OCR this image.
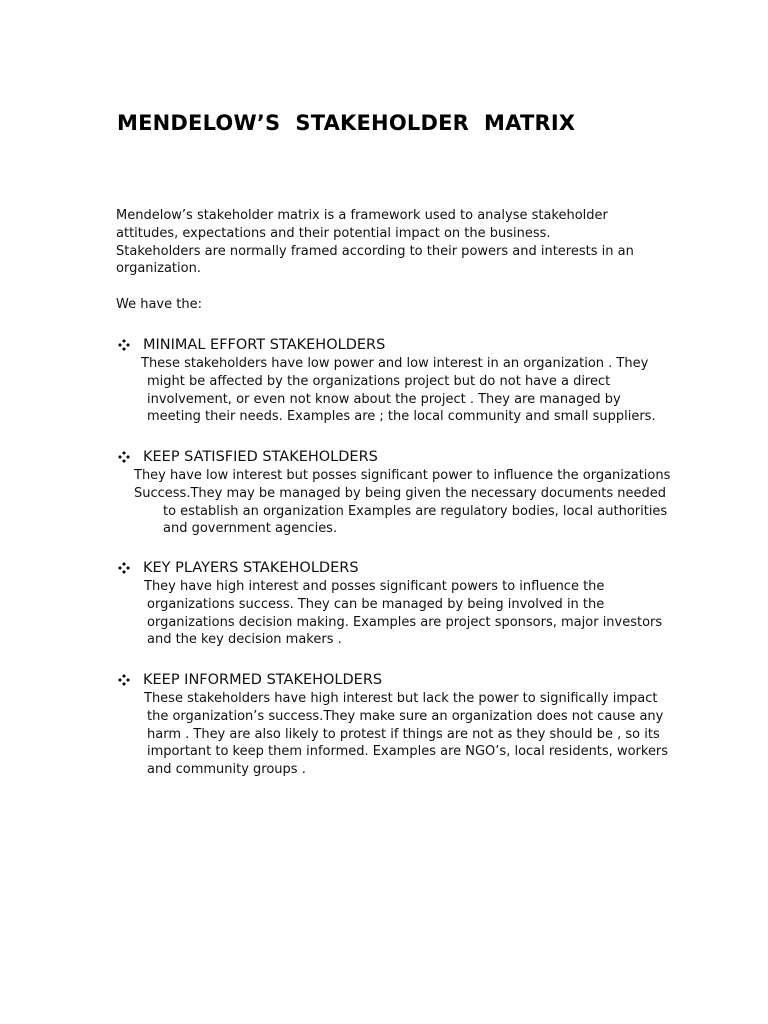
MENDELOW’S  STAKEHOLDER  MATRIX

Mendelow’s stakeholder matrix is a framework used to analyse stakeholder

attitudes, expectations and their potential impact on the business.

Stakeholders are normally framed according to their powers and interests in an

organization.

We have the:

MINIMAL EFFORT STAKEHOLDERS

These stakeholders have low power and low interest in an organization . They

might be affected by the organizations project but do not have a direct

involvement, or even not know about the project . They are managed by

meeting their needs. Examples are ; the local community and small suppliers.

KEEP SATISFIED STAKEHOLDERS

They have low interest but posses significant power to influence the organizations

Success.They may be managed by being given the necessary documents needed

to establish an organization Examples are regulatory bodies, local authorities

and government agencies.

KEY PLAYERS STAKEHOLDERS

They have high interest and posses significant powers to influence the

organizations success. They can be managed by being involved in the

organizations decision making. Examples are project sponsors, major investors

and the key decision makers .

KEEP INFORMED STAKEHOLDERS

These stakeholders have high interest but lack the power to significally impact

the organization’s success.They make sure an organization does not cause any

harm . They are also likely to protest if things are not as they should be , so its

important to keep them informed. Examples are NGO’s, local residents, workers

and community groups .
